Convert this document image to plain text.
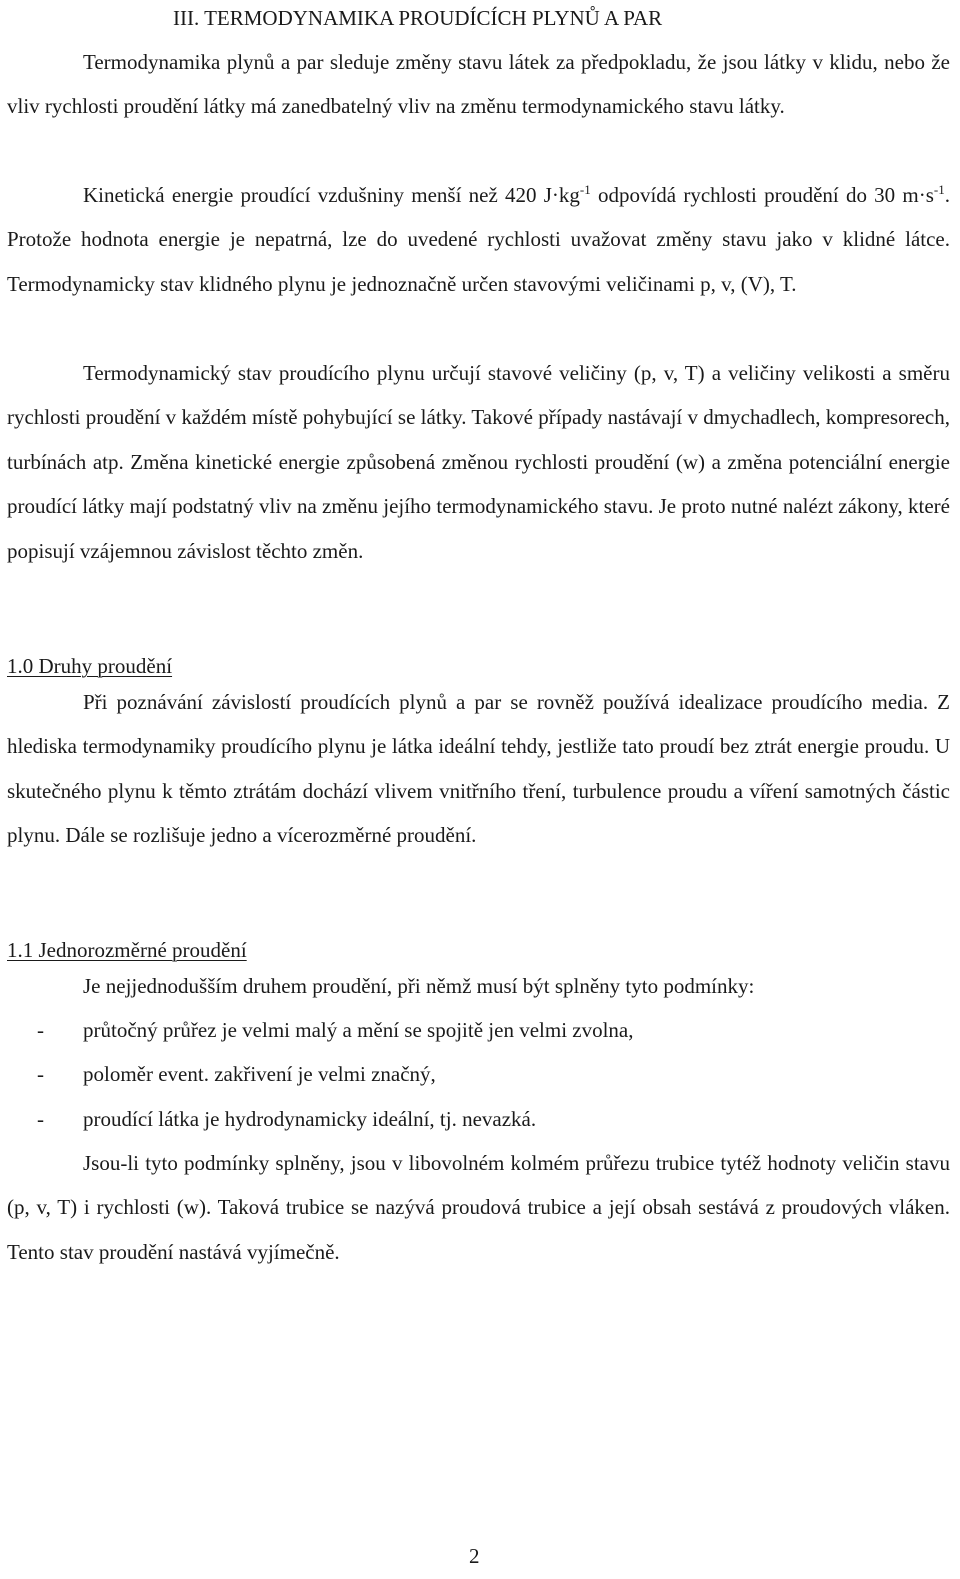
III. TERMODYNAMIKA PROUDÍCÍCH PLYNŮ A PAR

Termodynamika plynů a par sleduje změny stavu látek za předpokladu, že jsou látky v klidu, nebo že vliv rychlosti proudění látky má zanedbatelný vliv na změnu termodynamického stavu látky.

Kinetická energie proudící vzdušniny menší než 420 $J\cdot kg^{-1}$ odpovídá rychlosti proudění do 30 $m\cdot s^{-1}$. Protože hodnota energie je nepatrná, lze do uvedené rychlosti uvažovat změny stavu jako v klidné látce. Termodynamicky stav klidného plynu je jednoznačně určen stavovými veličinami p, v, (V), T.

Termodynamický stav proudícího plynu určují stavové veličiny (p, v, T) a veličiny velikosti a směru rychlosti proudění v každém místě pohybující se látky. Takové případy nastávají v dmychadlech, kompresorech, turbínách atp. Změna kinetické energie způsobená změnou rychlosti proudění (w) a změna potenciální energie proudící látky mají podstatný vliv na změnu jejího termodynamického stavu. Je proto nutné nalézt zákony, které popisují vzájemnou závislost těchto změn.

1.0 Druhy proudění

Při poznávání závislostí proudících plynů a par se rovněž používá idealizace proudícího media. Z hlediska termodynamiky proudícího plynu je látka ideální tehdy, jestliže tato proudí bez ztrát energie proudu. U skutečného plynu k těmto ztrátám dochází vlivem vnitřního tření, turbulence proudu a víření samotných částic plynu. Dále se rozlišuje jedno a vícerozměrné proudění.

1.1 Jednorozměrné proudění

Je nejjednodušším druhem proudění, při němž musí být splněny tyto podmínky:

- průtočný průřez je velmi malý a mění se spojitě jen velmi zvolna,
- poloměr event. zakřivení je velmi značný,
- proudící látka je hydrodynamicky ideální, tj. nevazká.

Jsou-li tyto podmínky splněny, jsou v libovolném kolmém průřezu trubice tytéž hodnoty veličin stavu (p, v, T) i rychlosti (w). Taková trubice se nazývá proudová trubice a její obsah sestává z proudových vláken. Tento stav proudění nastává vyjímečně.

2
